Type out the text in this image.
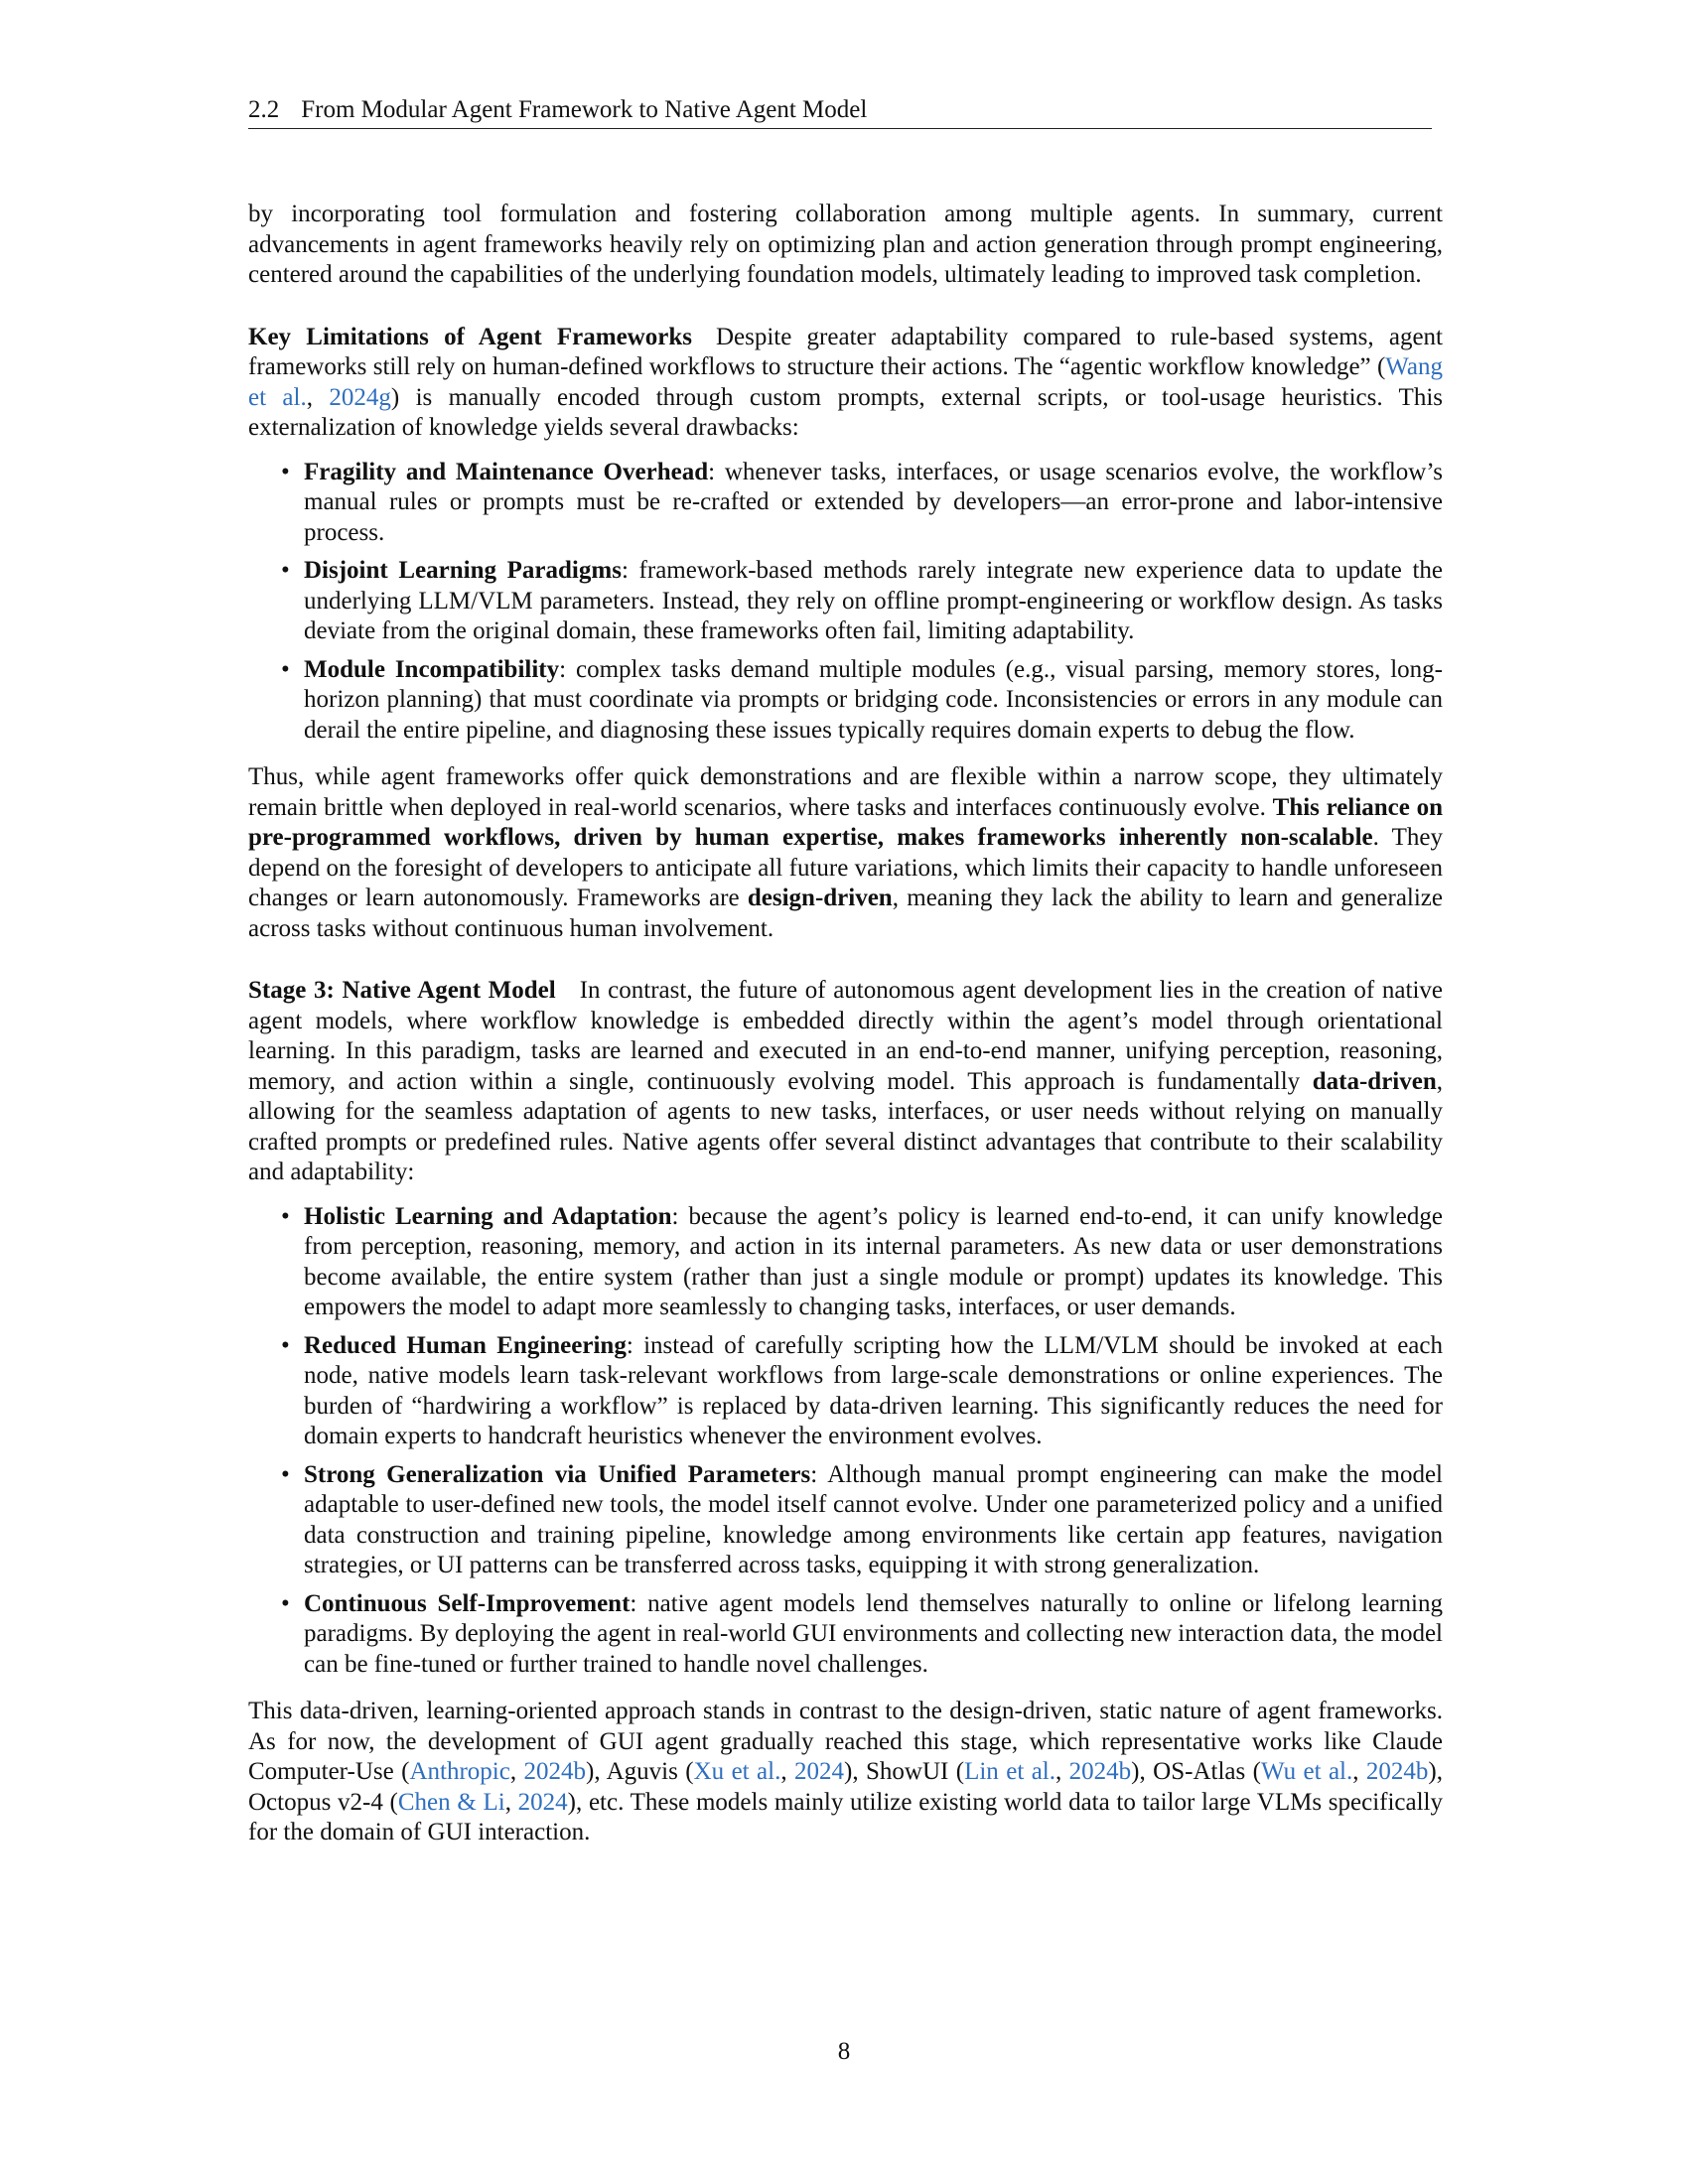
2.2 From Modular Agent Framework to Native Agent Model

by incorporating tool formulation and fostering collaboration among multiple agents. In summary, current advancements in agent frameworks heavily rely on optimizing plan and action generation through prompt engineering, centered around the capabilities of the underlying foundation models, ultimately leading to improved task completion.

Key Limitations of Agent Frameworks Despite greater adaptability compared to rule-based systems, agent frameworks still rely on human-defined workflows to structure their actions. The “agentic workflow knowledge” (Wang et al., 2024g) is manually encoded through custom prompts, external scripts, or tool-usage heuristics. This externalization of knowledge yields several drawbacks:

• Fragility and Maintenance Overhead: whenever tasks, interfaces, or usage scenarios evolve, the workflow’s manual rules or prompts must be re-crafted or extended by developers—an error-prone and labor-intensive process.
• Disjoint Learning Paradigms: framework-based methods rarely integrate new experience data to update the underlying LLM/VLM parameters. Instead, they rely on offline prompt-engineering or workflow design. As tasks deviate from the original domain, these frameworks often fail, limiting adaptability.
• Module Incompatibility: complex tasks demand multiple modules (e.g., visual parsing, memory stores, long-horizon planning) that must coordinate via prompts or bridging code. Inconsistencies or errors in any module can derail the entire pipeline, and diagnosing these issues typically requires domain experts to debug the flow.

Thus, while agent frameworks offer quick demonstrations and are flexible within a narrow scope, they ultimately remain brittle when deployed in real-world scenarios, where tasks and interfaces continuously evolve. This reliance on pre-programmed workflows, driven by human expertise, makes frameworks inherently non-scalable. They depend on the foresight of developers to anticipate all future variations, which limits their capacity to handle unforeseen changes or learn autonomously. Frameworks are design-driven, meaning they lack the ability to learn and generalize across tasks without continuous human involvement.

Stage 3: Native Agent Model In contrast, the future of autonomous agent development lies in the creation of native agent models, where workflow knowledge is embedded directly within the agent’s model through orientational learning. In this paradigm, tasks are learned and executed in an end-to-end manner, unifying perception, reasoning, memory, and action within a single, continuously evolving model. This approach is fundamentally data-driven, allowing for the seamless adaptation of agents to new tasks, interfaces, or user needs without relying on manually crafted prompts or predefined rules. Native agents offer several distinct advantages that contribute to their scalability and adaptability:

• Holistic Learning and Adaptation: because the agent’s policy is learned end-to-end, it can unify knowledge from perception, reasoning, memory, and action in its internal parameters. As new data or user demonstrations become available, the entire system (rather than just a single module or prompt) updates its knowledge. This empowers the model to adapt more seamlessly to changing tasks, interfaces, or user demands.
• Reduced Human Engineering: instead of carefully scripting how the LLM/VLM should be invoked at each node, native models learn task-relevant workflows from large-scale demonstrations or online experiences. The burden of “hardwiring a workflow” is replaced by data-driven learning. This significantly reduces the need for domain experts to handcraft heuristics whenever the environment evolves.
• Strong Generalization via Unified Parameters: Although manual prompt engineering can make the model adaptable to user-defined new tools, the model itself cannot evolve. Under one parameterized policy and a unified data construction and training pipeline, knowledge among environments like certain app features, navigation strategies, or UI patterns can be transferred across tasks, equipping it with strong generalization.
• Continuous Self-Improvement: native agent models lend themselves naturally to online or lifelong learning paradigms. By deploying the agent in real-world GUI environments and collecting new interaction data, the model can be fine-tuned or further trained to handle novel challenges.

This data-driven, learning-oriented approach stands in contrast to the design-driven, static nature of agent frameworks. As for now, the development of GUI agent gradually reached this stage, which representative works like Claude Computer-Use (Anthropic, 2024b), Aguvis (Xu et al., 2024), ShowUI (Lin et al., 2024b), OS-Atlas (Wu et al., 2024b), Octopus v2-4 (Chen & Li, 2024), etc. These models mainly utilize existing world data to tailor large VLMs specifically for the domain of GUI interaction.

8
